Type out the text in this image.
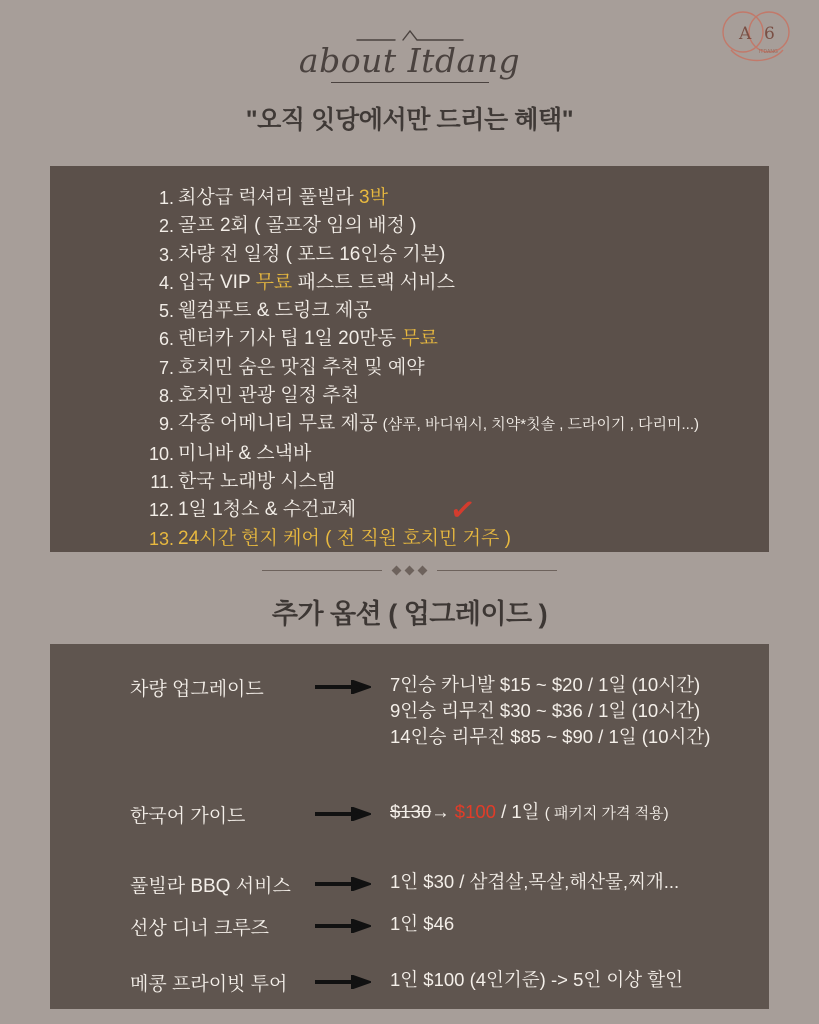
about Itdang
A 6
ITDANG
"오직 잇당에서만 드리는 혜택"
최상급 럭셔리 풀빌라 3박
골프 2회 ( 골프장 임의 배정 )
차량 전 일정 ( 포드 16인승 기본)
입국 VIP 무료 패스트 트랙 서비스
웰컴푸트 & 드링크 제공
렌터카 기사 팁 1일 20만동 무료
호치민 숨은 맛집 추천 및 예약
호치민 관광 일정 추천
각종 어메니티 무료 제공 (샴푸, 바디워시, 치약*칫솔 , 드라이기 , 다리미...)
미니바 & 스낵바
한국 노래방 시스템
1일 1청소 & 수건교체
24시간 현지 케어 ( 전 직원 호치민 거주 )
✓
추가 옵션 ( 업그레이드 )
차량 업그레이드	7인승 카니발 $15 ~ $20 / 1일 (10시간)
9인승 리무진 $30 ~ $36 / 1일 (10시간)
14인승 리무진 $85 ~ $90 / 1일 (10시간)
한국어 가이드	$130→ $100 / 1일 ( 패키지 가격 적용)
풀빌라 BBQ 서비스	1인 $30 / 삼겹살,목살,해산물,찌개...
선상 디너 크루즈	1인 $46
메콩 프라이빗 투어	1인 $100 (4인기준) -> 5인 이상 할인
